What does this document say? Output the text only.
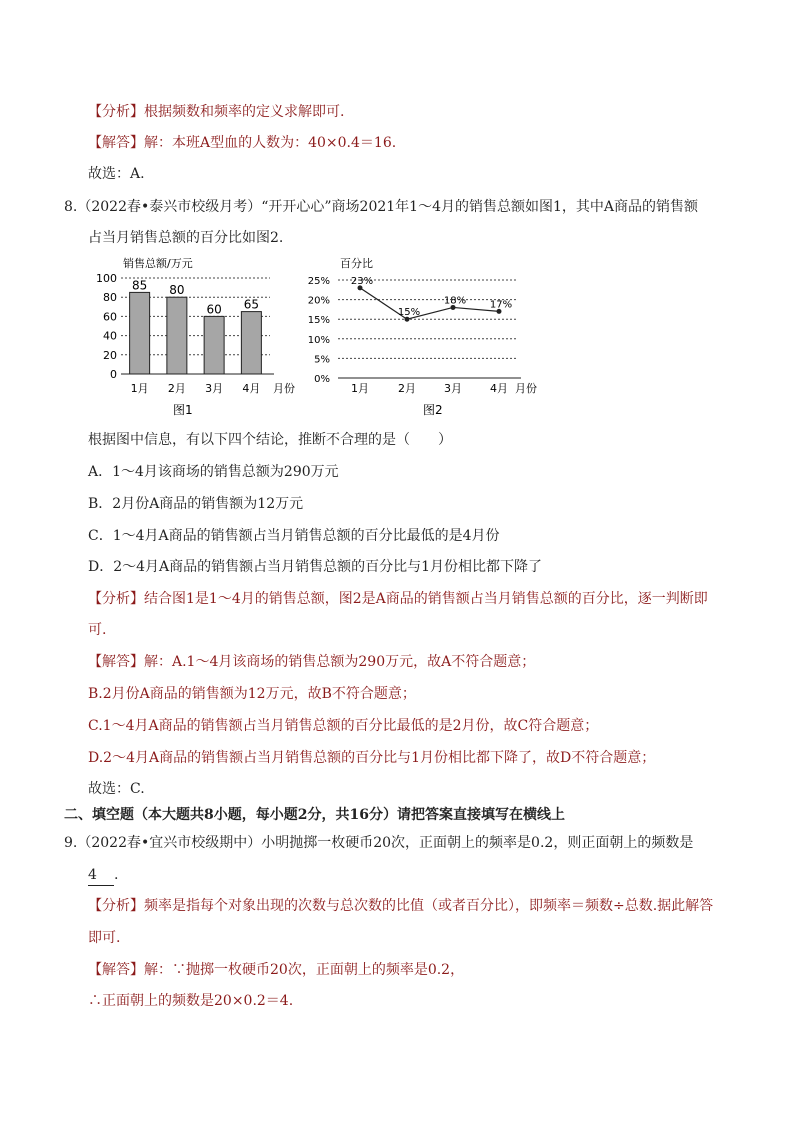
【分析】根据频数和频率的定义求解即可.
【解答】解：本班A型血的人数为：40×0.4＝16.
故选：A.
8.（2022春•泰兴市校级月考）“开开心心”商场2021年1～4月的销售总额如图1，其中A商品的销售额
占当月销售总额的百分比如图2.
销售总额/万元
85 80
60 65
0
20
40
60
80
100
1月 2月 3月 4月 月份
图1
百分比
0%
5%
10%
15%
20%
25%
1月	2月	3月	4月
23%
15%
18% 17%
月份
图2
根据图中信息，有以下四个结论，推断不合理的是（　　）
A．1～4月该商场的销售总额为290万元
B．2月份A商品的销售额为12万元
C．1～4月A商品的销售额占当月销售总额的百分比最低的是4月份
D．2～4月A商品的销售额占当月销售总额的百分比与1月份相比都下降了
【分析】结合图1是1～4月的销售总额，图2是A商品的销售额占当月销售总额的百分比，逐一判断即
可.
【解答】解：A.1～4月该商场的销售总额为290万元，故A不符合题意；
B.2月份A商品的销售额为12万元，故B不符合题意；
C.1～4月A商品的销售额占当月销售总额的百分比最低的是2月份，故C符合题意；
D.2～4月A商品的销售额占当月销售总额的百分比与1月份相比都下降了，故D不符合题意；
故选：C.
二、填空题（本大题共8小题，每小题2分，共16分）请把答案直接填写在横线上
9.（2022春•宜兴市校级期中）小明抛掷一枚硬币20次，正面朝上的频率是0.2，则正面朝上的频数是
4 .
【分析】频率是指每个对象出现的次数与总次数的比值（或者百分比），即频率＝频数÷总数.据此解答
即可.
【解答】解：∵抛掷一枚硬币20次，正面朝上的频率是0.2，
∴正面朝上的频数是20×0.2＝4.
